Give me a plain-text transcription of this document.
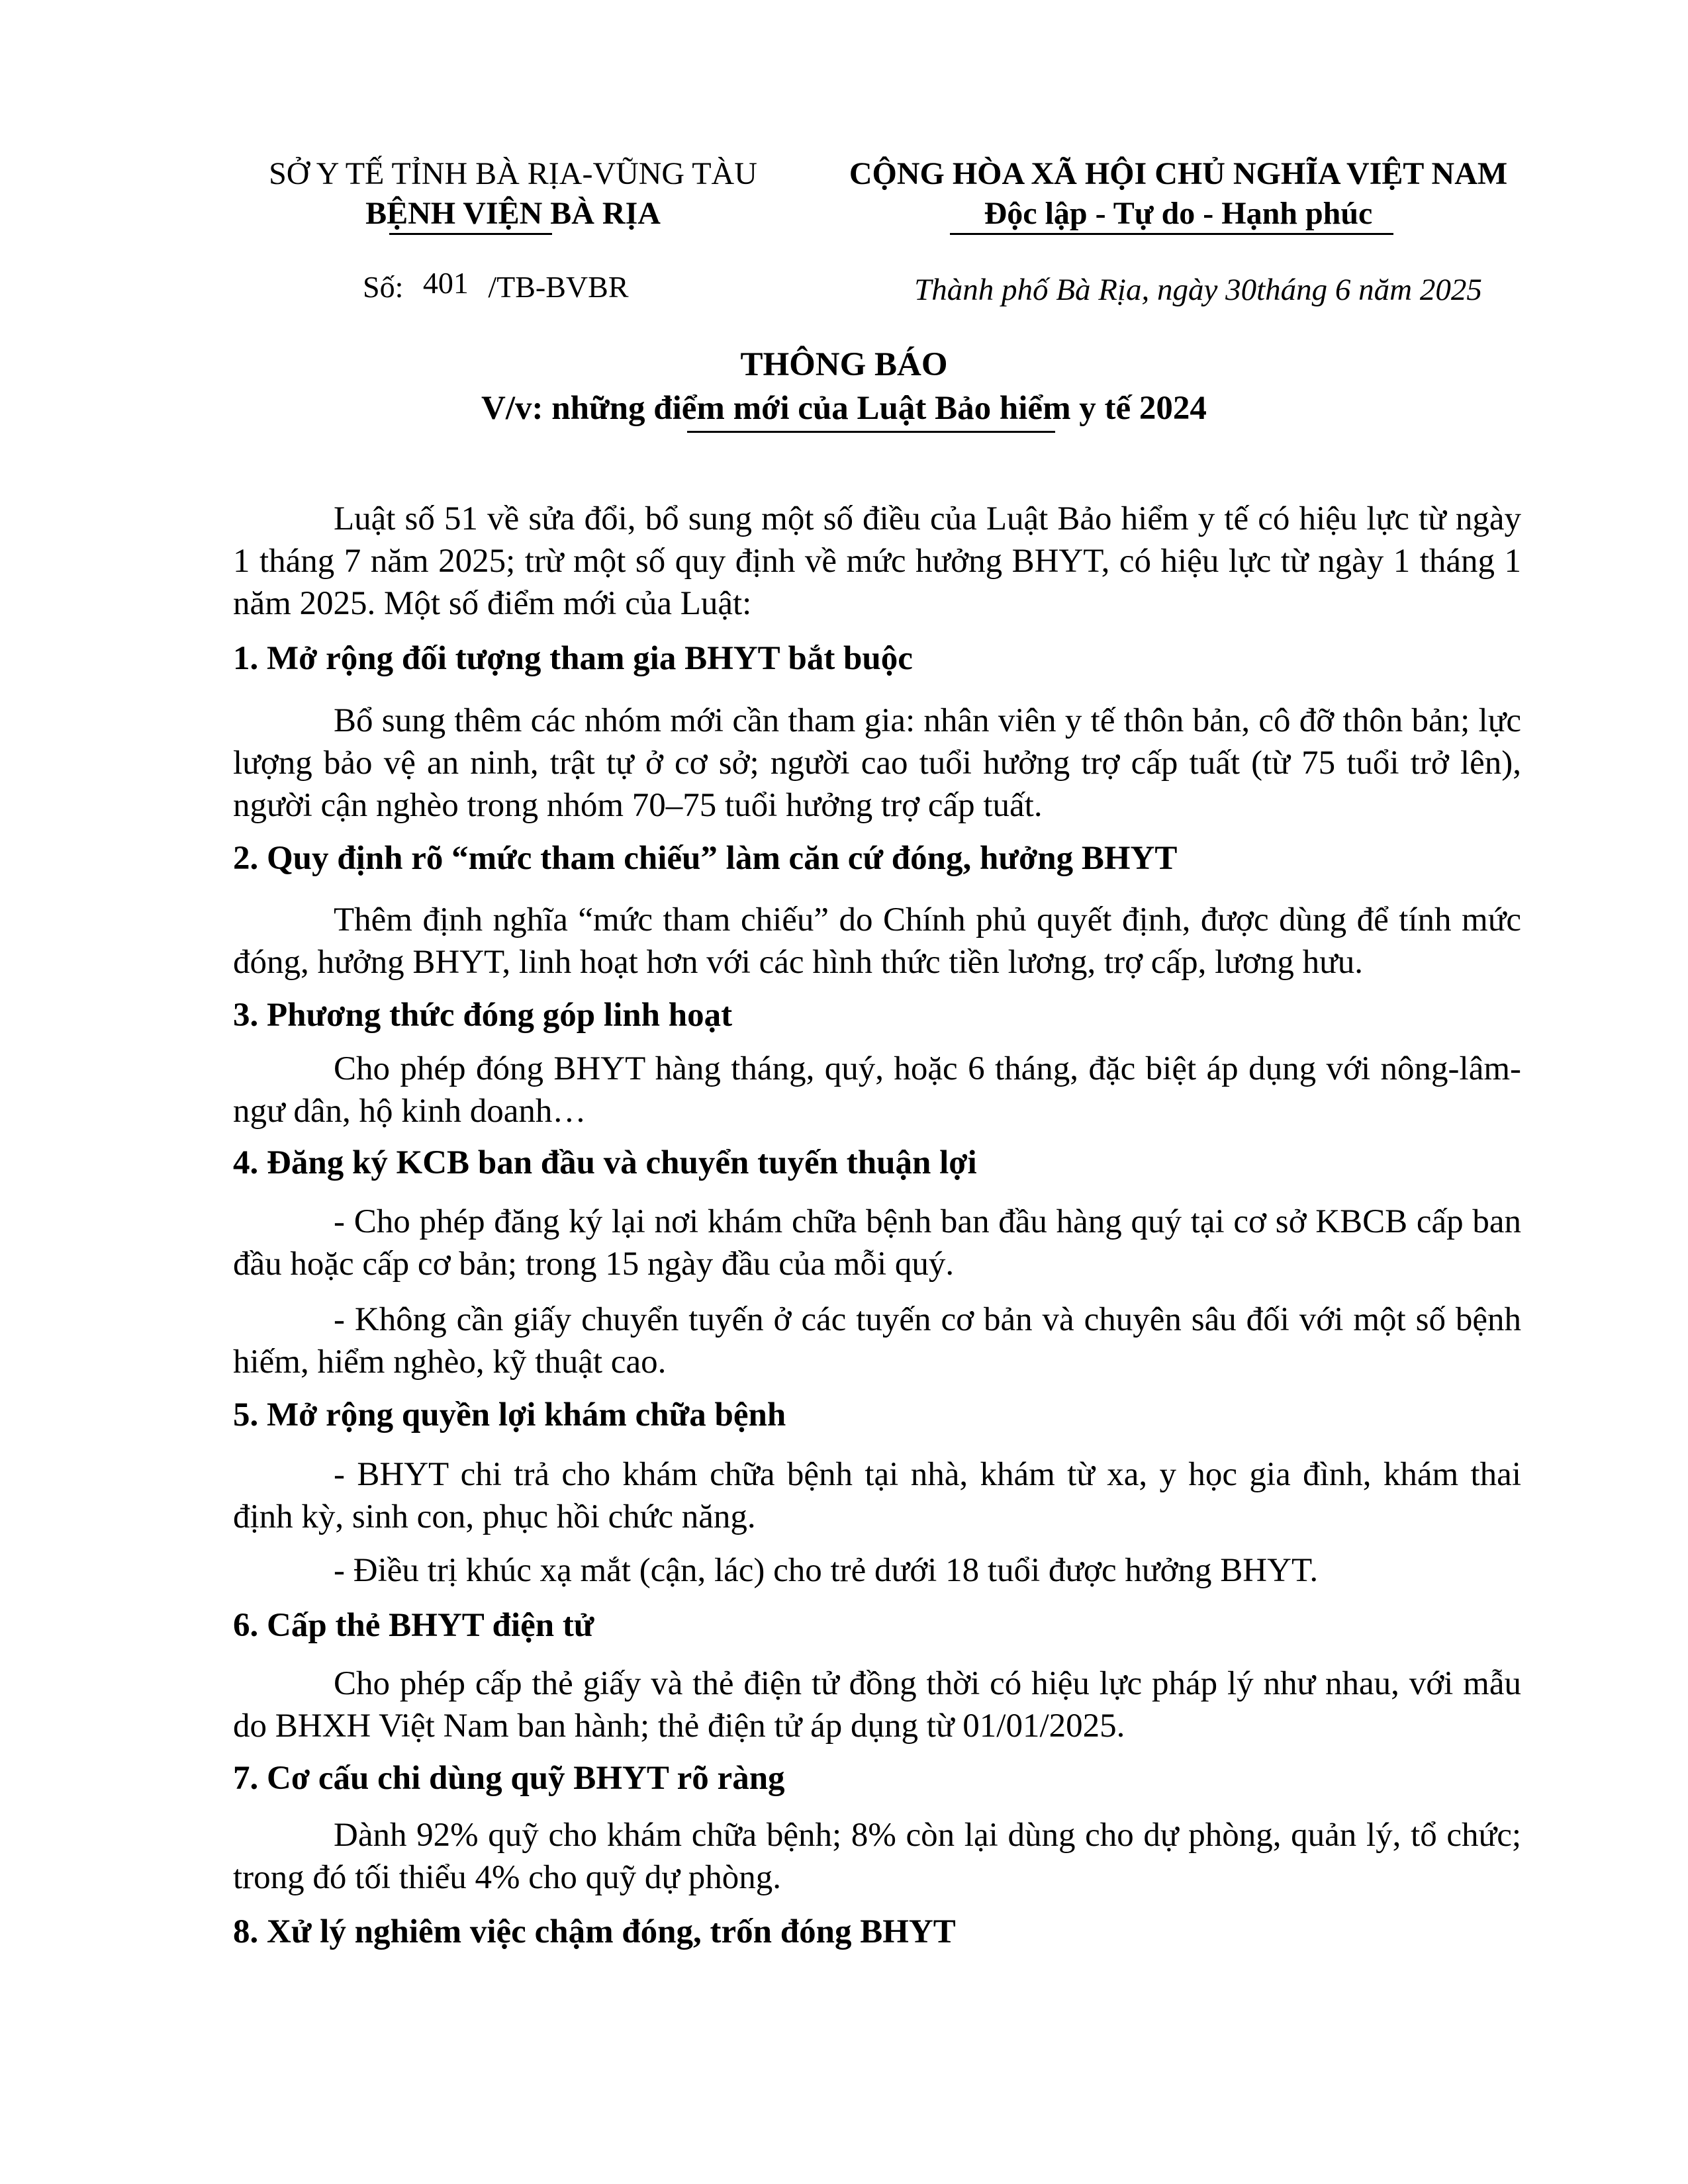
SỞ Y TẾ TỈNH BÀ RỊA-VŨNG TÀU
BỆNH VIỆN BÀ RỊA
CỘNG HÒA XÃ HỘI CHỦ NGHĨA VIỆT NAM
Độc lập - Tự do - Hạnh phúc
Số: 401 /TB-BVBR	Thành phố Bà Rịa, ngày 30tháng 6 năm 2025
THÔNG BÁO
V/v: những điểm mới của Luật Bảo hiểm y tế 2024
Luật số 51 về sửa đổi, bổ sung một số điều của Luật Bảo hiểm y tế có hiệu lực từ ngày 1 tháng 7 năm 2025; trừ một số quy định về mức hưởng BHYT, có hiệu lực từ ngày 1 tháng 1 năm 2025. Một số điểm mới của Luật:
1. Mở rộng đối tượng tham gia BHYT bắt buộc
Bổ sung thêm các nhóm mới cần tham gia: nhân viên y tế thôn bản, cô đỡ thôn bản; lực lượng bảo vệ an ninh, trật tự ở cơ sở; người cao tuổi hưởng trợ cấp tuất (từ 75 tuổi trở lên), người cận nghèo trong nhóm 70–75 tuổi hưởng trợ cấp tuất.
2. Quy định rõ “mức tham chiếu” làm căn cứ đóng, hưởng BHYT
Thêm định nghĩa “mức tham chiếu” do Chính phủ quyết định, được dùng để tính mức đóng, hưởng BHYT, linh hoạt hơn với các hình thức tiền lương, trợ cấp, lương hưu.
3. Phương thức đóng góp linh hoạt
Cho phép đóng BHYT hàng tháng, quý, hoặc 6 tháng, đặc biệt áp dụng với nông-lâm-ngư dân, hộ kinh doanh…
4. Đăng ký KCB ban đầu và chuyển tuyến thuận lợi
- Cho phép đăng ký lại nơi khám chữa bệnh ban đầu hàng quý tại cơ sở KBCB cấp ban đầu hoặc cấp cơ bản; trong 15 ngày đầu của mỗi quý.
- Không cần giấy chuyển tuyến ở các tuyến cơ bản và chuyên sâu đối với một số bệnh hiếm, hiểm nghèo, kỹ thuật cao.
5. Mở rộng quyền lợi khám chữa bệnh
- BHYT chi trả cho khám chữa bệnh tại nhà, khám từ xa, y học gia đình, khám thai định kỳ, sinh con, phục hồi chức năng.
- Điều trị khúc xạ mắt (cận, lác) cho trẻ dưới 18 tuổi được hưởng BHYT.
6. Cấp thẻ BHYT điện tử
Cho phép cấp thẻ giấy và thẻ điện tử đồng thời có hiệu lực pháp lý như nhau, với mẫu do BHXH Việt Nam ban hành; thẻ điện tử áp dụng từ 01/01/2025.
7. Cơ cấu chi dùng quỹ BHYT rõ ràng
Dành 92% quỹ cho khám chữa bệnh; 8% còn lại dùng cho dự phòng, quản lý, tổ chức; trong đó tối thiểu 4% cho quỹ dự phòng.
8. Xử lý nghiêm việc chậm đóng, trốn đóng BHYT
